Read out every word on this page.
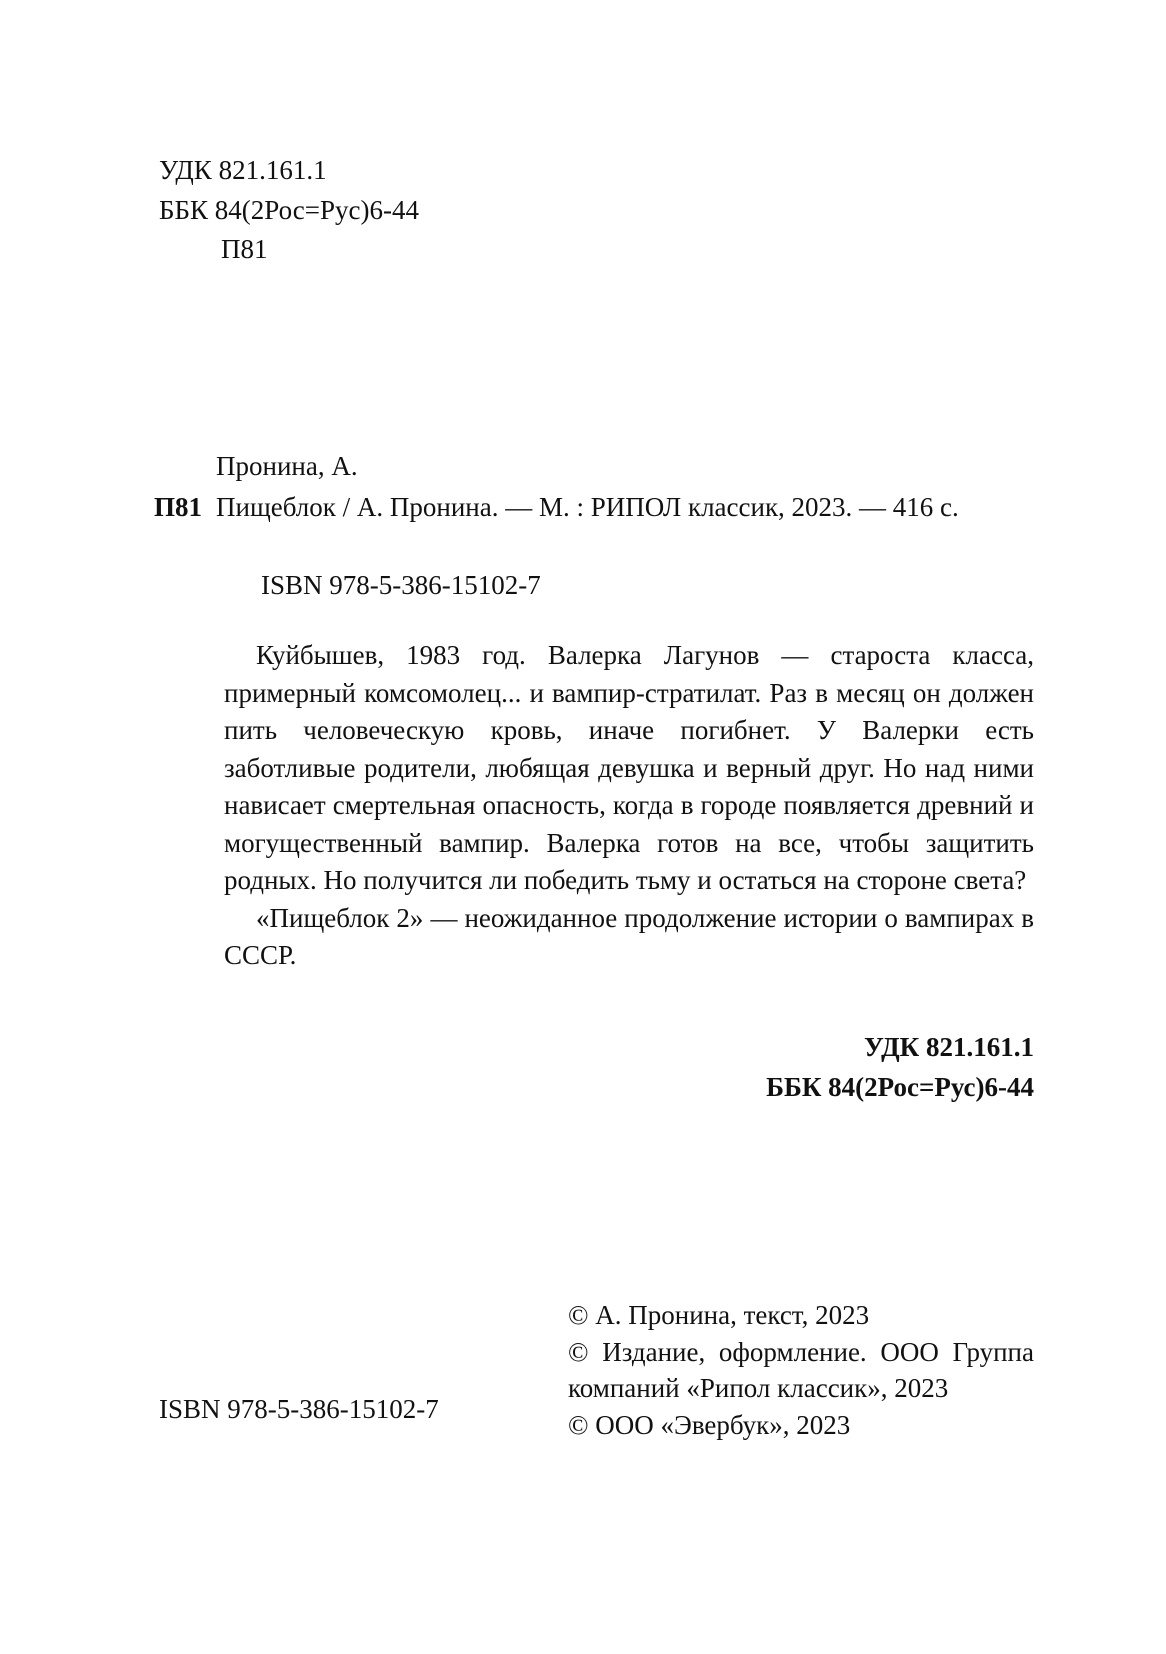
УДК 821.161.1
ББК 84(2Рос=Рус)6-44
П81
Пронина, А.
П81 Пищеблок / А. Пронина. — М. : РИПОЛ классик, 2023. — 416 с.
ISBN 978-5-386-15102-7

Куйбышев, 1983 год. Валерка Лагунов — староста класса, примерный комсомолец... и вампир-стратилат. Раз в месяц он должен пить человеческую кровь, иначе погибнет. У Валерки есть заботливые родители, любящая девушка и верный друг. Но над ними нависает смертельная опасность, когда в городе появляется древний и могущественный вампир. Валерка готов на все, чтобы защитить родных. Но получится ли победить тьму и остаться на стороне света?

«Пищеблок 2» — неожиданное продолжение истории о вампирах в СССР.

УДК 821.161.1
ББК 84(2Рос=Рус)6-44
© А. Пронина, текст, 2023
© Издание, оформление. ООО Группа
компаний «Рипол классик», 2023
© ООО «Эвербук», 2023
ISBN 978-5-386-15102-7
